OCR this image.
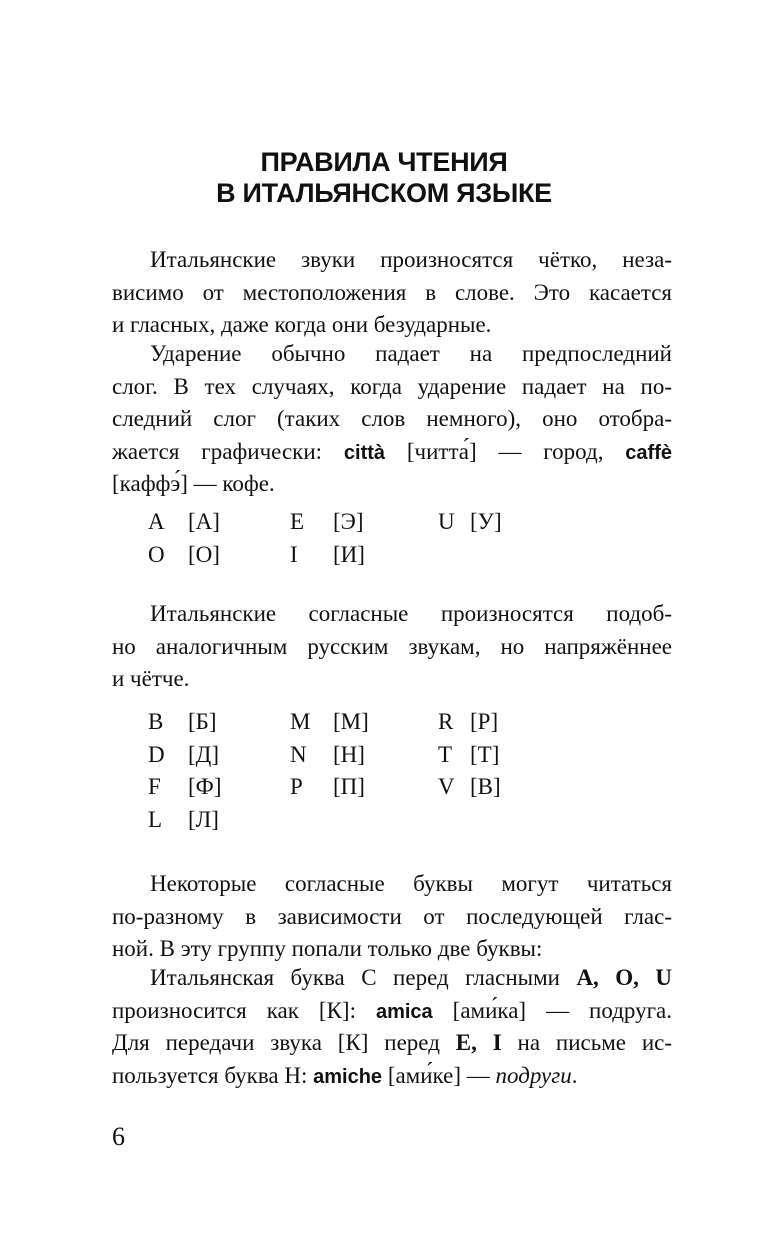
ПРАВИЛА ЧТЕНИЯ
В ИТАЛЬЯНСКОМ ЯЗЫКЕ
Итальянские звуки произносятся чётко, неза-
висимо от местоположения в слове. Это касается
и гласных, даже когда они безударные.
Ударение обычно падает на предпоследний
слог. В тех случаях, когда ударение падает на по-
следний слог (таких слов немного), оно отобра-
жается графически: città [читта́] — город, caffè
[каффэ́] — кофе.
Итальянские согласные произносятся подоб-
но аналогичным русским звукам, но напряжённее
и чётче.
Некоторые согласные буквы могут читаться
по-разному в зависимости от последующей глас-
ной. В эту группу попали только две буквы:
Итальянская буква С перед гласными A, O, U
произносится как [К]: amica [ами́ка] — подруга.
Для передачи звука [К] перед E, I на письме ис-
пользуется буква Н: amiche [ами́ке] — подруги.
A [А]	E [Э]	U [У]
O [О]	I [И]
B [Б]	M [М]	R [Р]
D [Д]	N [Н]	T [Т]
F [Ф]	P [П]	V [В]
L [Л]
6
